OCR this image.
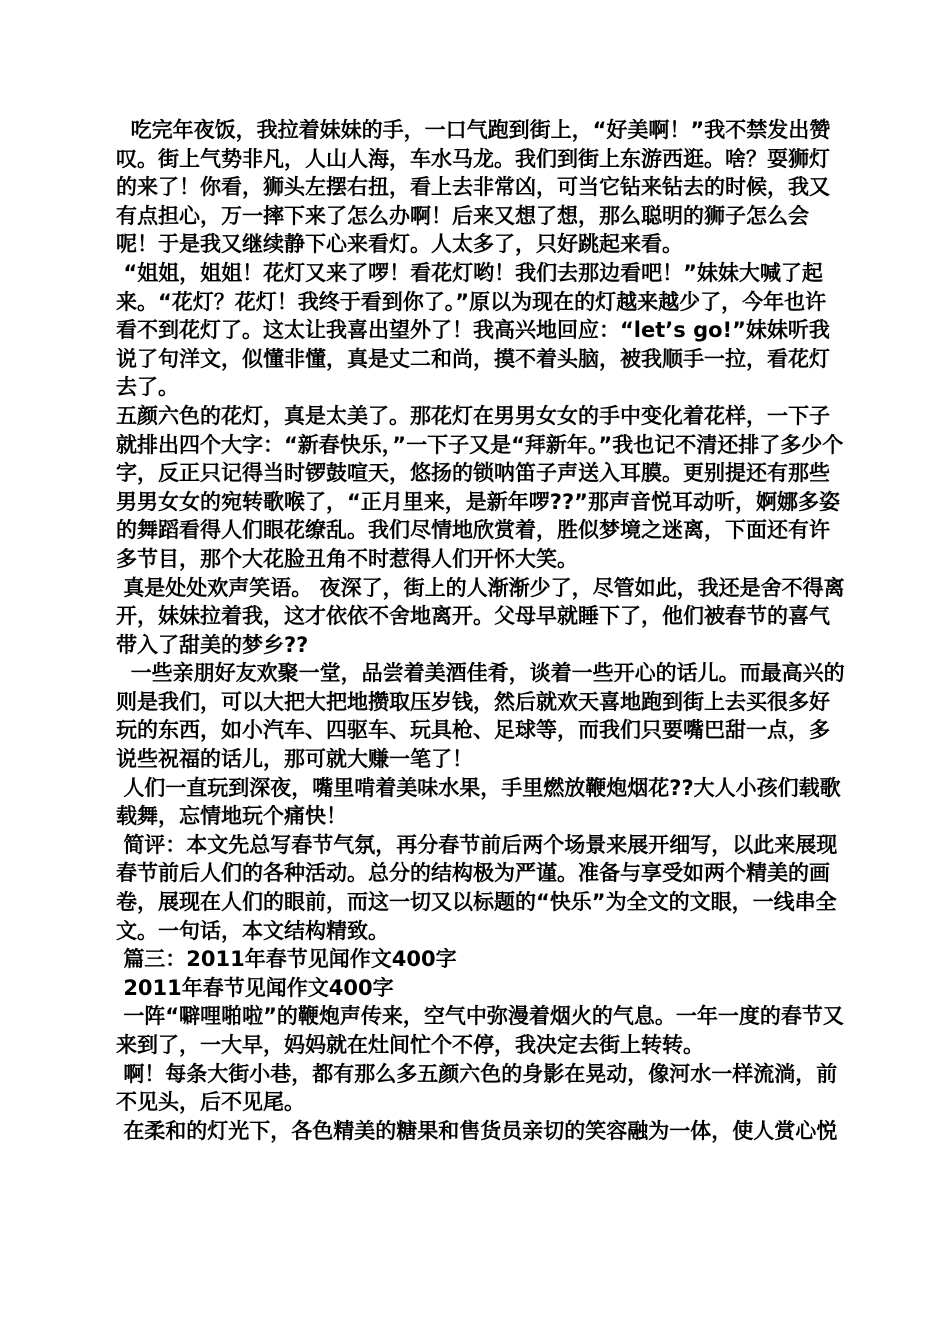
吃完年夜饭，我拉着妹妹的手，一口气跑到街上，“好美啊！”我不禁发出赞叹。街上气势非凡，人山人海，车水马龙。我们到街上东游西逛。啥？耍狮灯的来了！你看，狮头左摆右扭，看上去非常凶，可当它钻来钻去的时候，我又有点担心，万一摔下来了怎么办啊！后来又想了想，那么聪明的狮子怎么会呢！于是我又继续静下心来看灯。人太多了，只好跳起来看。

“姐姐，姐姐！花灯又来了啰！看花灯哟！我们去那边看吧！”妹妹大喊了起来。“花灯？花灯！我终于看到你了。”原以为现在的灯越来越少了，今年也许看不到花灯了。这太让我喜出望外了！我高兴地回应：“let’s go!”妹妹听我说了句洋文，似懂非懂，真是丈二和尚，摸不着头脑，被我顺手一拉，看花灯去了。

五颜六色的花灯，真是太美了。那花灯在男男女女的手中变化着花样，一下子就排出四个大字：“新春快乐，”一下子又是“拜新年。”我也记不清还排了多少个字，反正只记得当时锣鼓喧天，悠扬的锁呐笛子声送入耳膜。更别提还有那些男男女女的宛转歌喉了，“正月里来，是新年啰??”那声音悦耳动听，婀娜多姿的舞蹈看得人们眼花缭乱。我们尽情地欣赏着，胜似梦境之迷离，下面还有许多节目，那个大花脸丑角不时惹得人们开怀大笑。

真是处处欢声笑语。 夜深了，街上的人渐渐少了，尽管如此，我还是舍不得离开，妹妹拉着我，这才依依不舍地离开。父母早就睡下了，他们被春节的喜气带入了甜美的梦乡??

一些亲朋好友欢聚一堂，品尝着美酒佳肴，谈着一些开心的话儿。而最高兴的则是我们，可以大把大把地攒取压岁钱，然后就欢天喜地跑到街上去买很多好玩的东西，如小汽车、四驱车、玩具枪、足球等，而我们只要嘴巴甜一点，多说些祝福的话儿，那可就大赚一笔了！

人们一直玩到深夜，嘴里啃着美味水果，手里燃放鞭炮烟花??大人小孩们载歌载舞，忘情地玩个痛快！

简评：本文先总写春节气氛，再分春节前后两个场景来展开细写，以此来展现春节前后人们的各种活动。总分的结构极为严谨。准备与享受如两个精美的画卷，展现在人们的眼前，而这一切又以标题的“快乐”为全文的文眼，一线串全文。一句话，本文结构精致。

篇三：2011年春节见闻作文400字

2011年春节见闻作文400字

一阵“噼哩啪啦”的鞭炮声传来，空气中弥漫着烟火的气息。一年一度的春节又来到了，一大早，妈妈就在灶间忙个不停，我决定去街上转转。

啊！每条大街小巷，都有那么多五颜六色的身影在晃动，像河水一样流淌，前不见头，后不见尾。

在柔和的灯光下，各色精美的糖果和售货员亲切的笑容融为一体，使人赏心悦
